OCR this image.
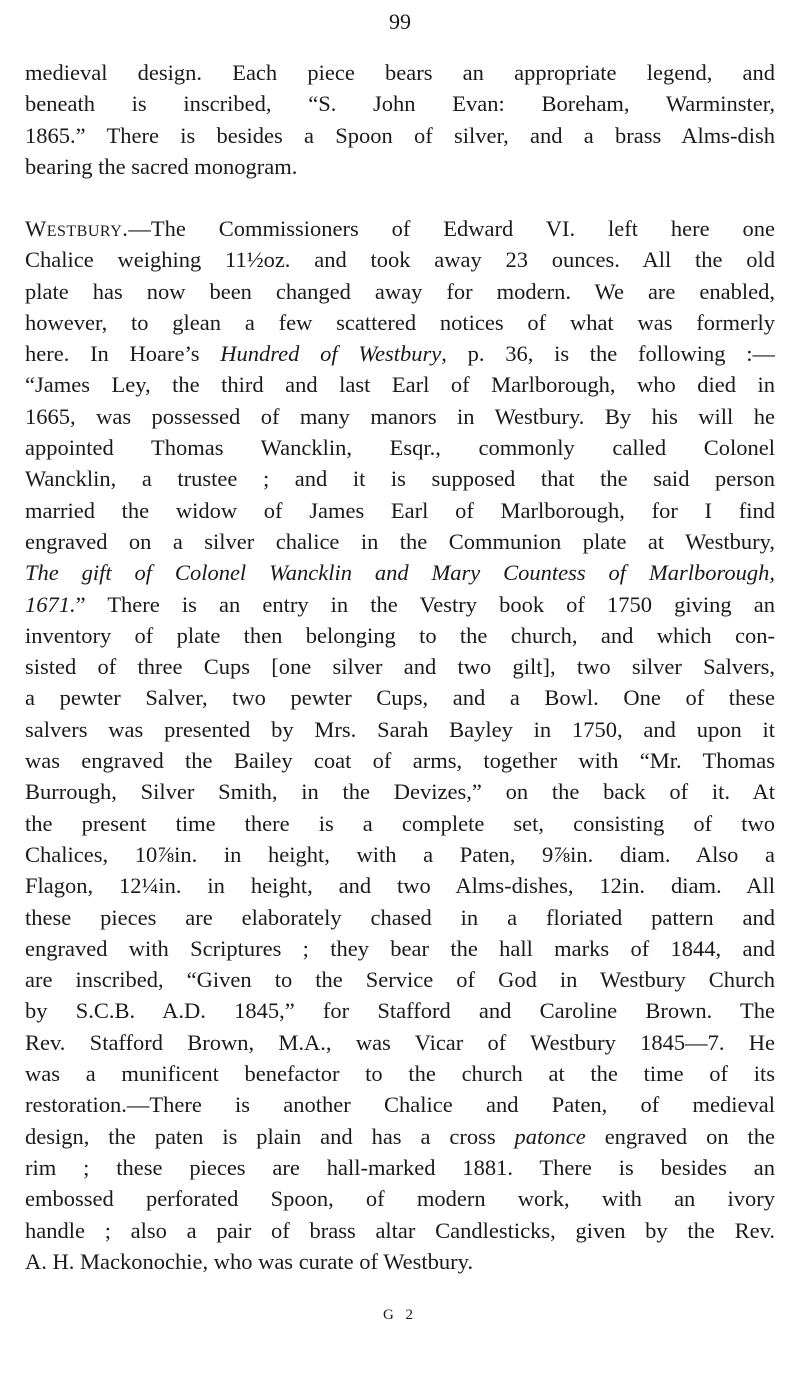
99
medieval design. Each piece bears an appropriate legend, and
beneath is inscribed, “S. John Evan: Boreham, Warminster,
1865.” There is besides a Spoon of silver, and a brass Alms-dish
bearing the sacred monogram.
Westbury.—The Commissioners of Edward VI. left here one
Chalice weighing 11½oz. and took away 23 ounces. All the old
plate has now been changed away for modern. We are enabled,
however, to glean a few scattered notices of what was formerly
here. In Hoare’s Hundred of Westbury, p. 36, is the following :—
“James Ley, the third and last Earl of Marlborough, who died in
1665, was possessed of many manors in Westbury. By his will he
appointed Thomas Wancklin, Esqr., commonly called Colonel
Wancklin, a trustee ; and it is supposed that the said person
married the widow of James Earl of Marlborough, for I find
engraved on a silver chalice in the Communion plate at Westbury,
The gift of Colonel Wancklin and Mary Countess of Marlborough,
1671.” There is an entry in the Vestry book of 1750 giving an
inventory of plate then belonging to the church, and which con-
sisted of three Cups [one silver and two gilt], two silver Salvers,
a pewter Salver, two pewter Cups, and a Bowl. One of these
salvers was presented by Mrs. Sarah Bayley in 1750, and upon it
was engraved the Bailey coat of arms, together with “Mr. Thomas
Burrough, Silver Smith, in the Devizes,” on the back of it. At
the present time there is a complete set, consisting of two
Chalices, 10⅞in. in height, with a Paten, 9⅞in. diam. Also a
Flagon, 12¼in. in height, and two Alms-dishes, 12in. diam. All
these pieces are elaborately chased in a floriated pattern and
engraved with Scriptures ; they bear the hall marks of 1844, and
are inscribed, “Given to the Service of God in Westbury Church
by S.C.B. A.D. 1845,” for Stafford and Caroline Brown. The
Rev. Stafford Brown, M.A., was Vicar of Westbury 1845—7. He
was a munificent benefactor to the church at the time of its
restoration.—There is another Chalice and Paten, of medieval
design, the paten is plain and has a cross patonce engraved on the
rim ; these pieces are hall-marked 1881. There is besides an
embossed perforated Spoon, of modern work, with an ivory
handle ; also a pair of brass altar Candlesticks, given by the Rev.
A. H. Mackonochie, who was curate of Westbury.
G 2
